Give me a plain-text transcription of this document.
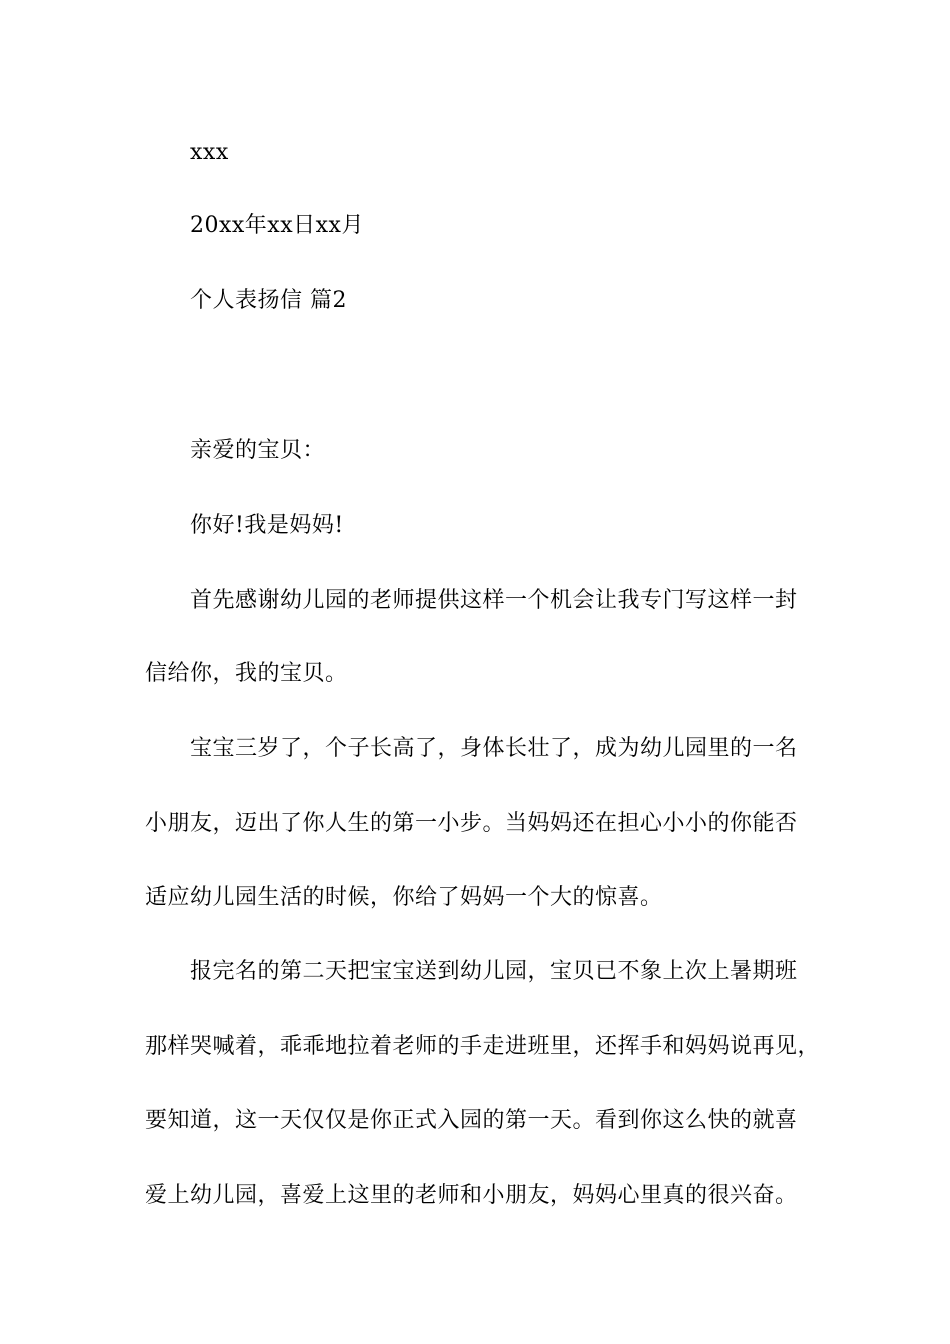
xxx
20xx年xx日xx月
个人表扬信 篇2
亲爱的宝贝：
你好!我是妈妈!
首先感谢幼儿园的老师提供这样一个机会让我专门写这样一封
信给你，我的宝贝。
宝宝三岁了，个子长高了，身体长壮了，成为幼儿园里的一名
小朋友，迈出了你人生的第一小步。当妈妈还在担心小小的你能否
适应幼儿园生活的时候，你给了妈妈一个大的惊喜。
报完名的第二天把宝宝送到幼儿园，宝贝已不象上次上暑期班
那样哭喊着，乖乖地拉着老师的手走进班里，还挥手和妈妈说再见，
要知道，这一天仅仅是你正式入园的第一天。看到你这么快的就喜
爱上幼儿园，喜爱上这里的老师和小朋友，妈妈心里真的很兴奋。
